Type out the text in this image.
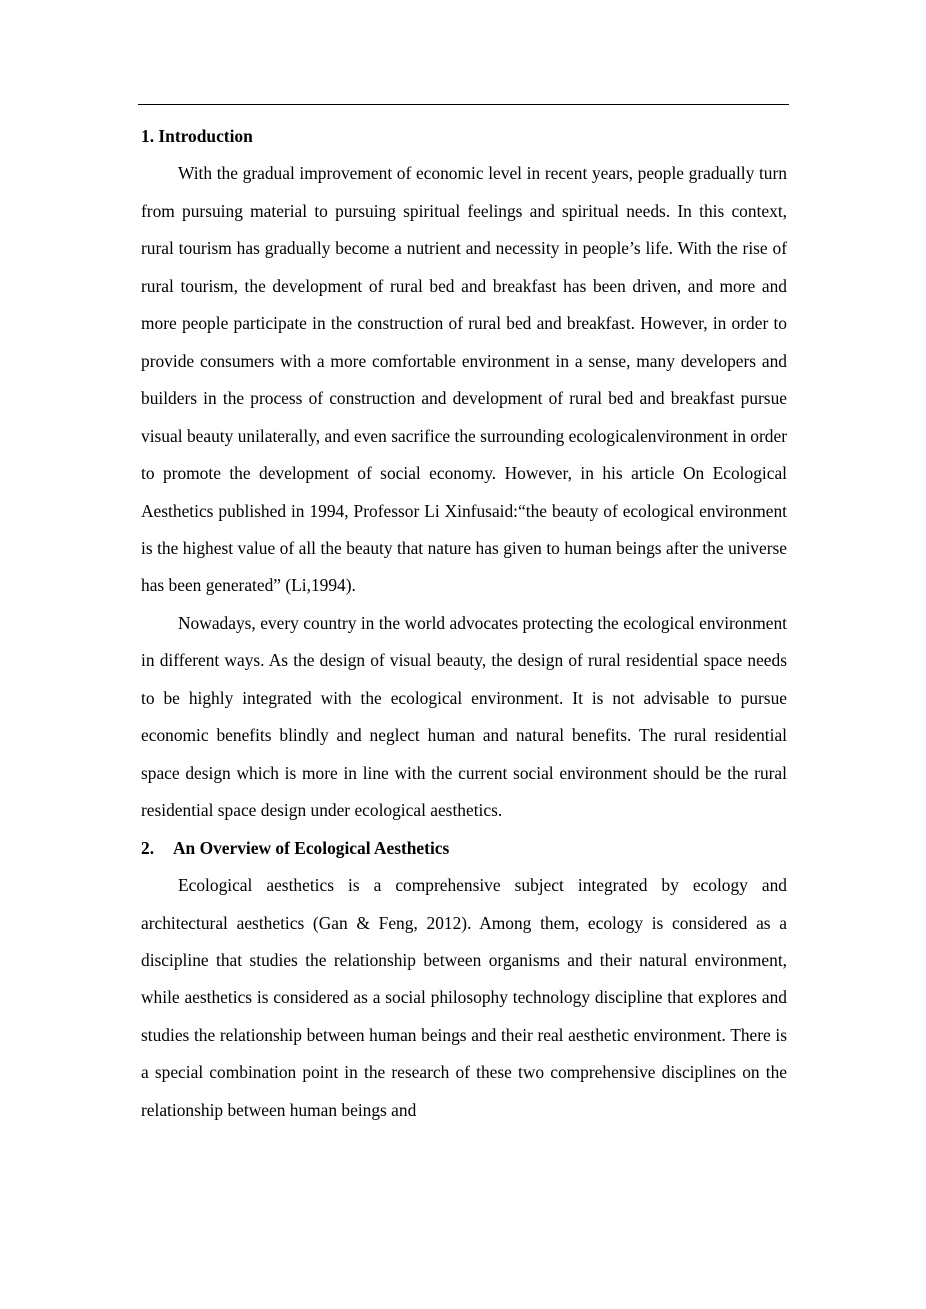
1. Introduction

With the gradual improvement of economic level in recent years, people gradually turn from pursuing material to pursuing spiritual feelings and spiritual needs. In this context, rural tourism has gradually become a nutrient and necessity in people’s life. With the rise of rural tourism, the development of rural bed and breakfast has been driven, and more and more people participate in the construction of rural bed and breakfast. However, in order to provide consumers with a more comfortable environment in a sense, many developers and builders in the process of construction and development of rural bed and breakfast pursue visual beauty unilaterally, and even sacrifice the surrounding ecologicalenvironment in order to promote the development of social economy. However, in his article On Ecological Aesthetics published in 1994, Professor Li Xinfusaid:“the beauty of ecological environment is the highest value of all the beauty that nature has given to human beings after the universe has been generated” (Li,1994).

Nowadays, every country in the world advocates protecting the ecological environment in different ways. As the design of visual beauty, the design of rural residential space needs to be highly integrated with the ecological environment. It is not advisable to pursue economic benefits blindly and neglect human and natural benefits. The rural residential space design which is more in line with the current social environment should be the rural residential space design under ecological aesthetics.

2. An Overview of Ecological Aesthetics

Ecological aesthetics is a comprehensive subject integrated by ecology and architectural aesthetics (Gan & Feng, 2012). Among them, ecology is considered as a discipline that studies the relationship between organisms and their natural environment, while aesthetics is considered as a social philosophy technology discipline that explores and studies the relationship between human beings and their real aesthetic environment. There is a special combination point in the research of these two comprehensive disciplines on the relationship between human beings and
